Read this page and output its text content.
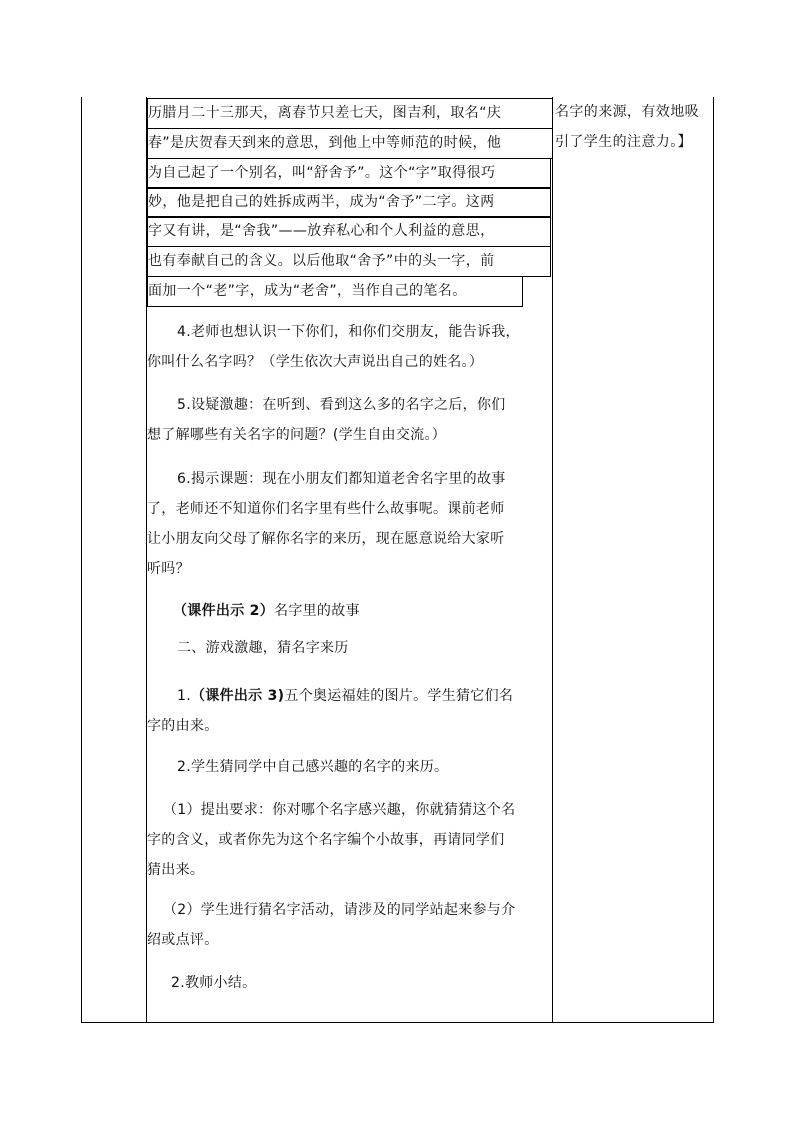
历腊月二十三那天，离春节只差七天，图吉利，取名“庆
春”是庆贺春天到来的意思，到他上中等师范的时候，他
为自己起了一个别名，叫“舒舍予”。这个“字”取得很巧
妙，他是把自己的姓拆成两半，成为“舍予”二字。这两
字又有讲，是“舍我”——放弃私心和个人利益的意思，
也有奉献自己的含义。以后他取“舍予”中的头一字，前
面加一个“老”字，成为“老舍”，当作自己的笔名。
名字的来源，有效地吸
引了学生的注意力。】

4.老师也想认识一下你们，和你们交朋友，能告诉我，

你叫什么名字吗？（学生依次大声说出自己的姓名。）

5.设疑激趣：在听到、看到这么多的名字之后，你们

想了解哪些有关名字的问题？(学生自由交流。）

6.揭示课题：现在小朋友们都知道老舍名字里的故事

了，老师还不知道你们名字里有些什么故事呢。课前老师

让小朋友向父母了解你名字的来历，现在愿意说给大家听

听吗？

（课件出示 2）名字里的故事

二、游戏激趣，猜名字来历

1.（课件出示 3)五个奥运福娃的图片。学生猜它们名

字的由来。

2.学生猜同学中自己感兴趣的名字的来历。

（1）提出要求：你对哪个名字感兴趣，你就猜猜这个名

字的含义，或者你先为这个名字编个小故事，再请同学们

猜出来。

（2）学生进行猜名字活动，请涉及的同学站起来参与介

绍或点评。

2.教师小结。
